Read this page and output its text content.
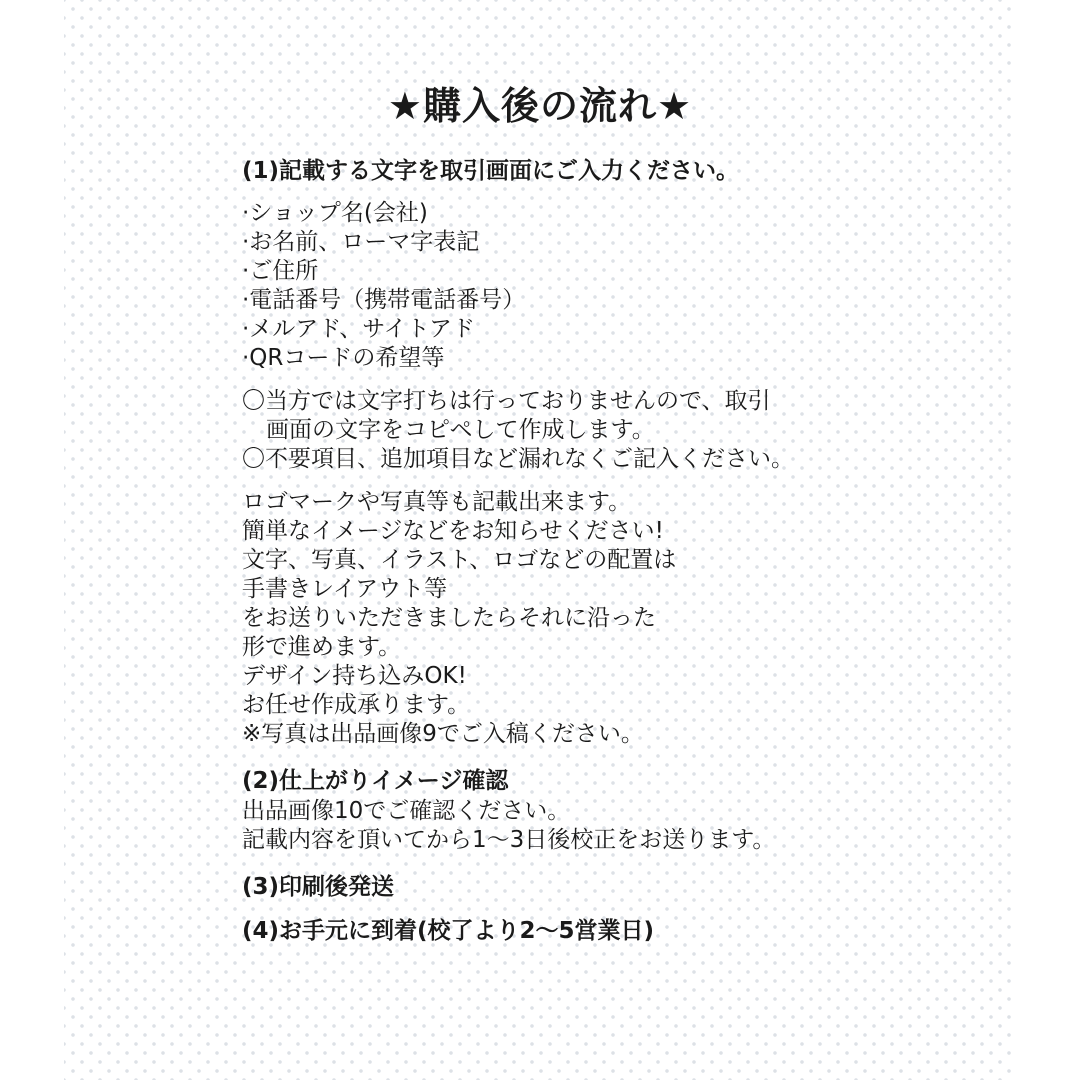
★購入後の流れ★
(1)記載する文字を取引画面にご入力ください。
·ショップ名(会社)
·お名前、ローマ字表記
·ご住所
·電話番号（携帯電話番号）
·メルアド、サイトアド
·QRコードの希望等
〇当方では文字打ちは行っておりませんので、取引
画面の文字をコピペして作成します。
〇不要項目、追加項目など漏れなくご記入ください。
ロゴマークや写真等も記載出来ます。
簡単なイメージなどをお知らせください!
文字、写真、イラスト、ロゴなどの配置は
手書きレイアウト等
をお送りいただきましたらそれに沿った
形で進めます。
デザイン持ち込みOK!
お任せ作成承ります。
※写真は出品画像9でご入稿ください。
(2)仕上がりイメージ確認
出品画像10でご確認ください。
記載内容を頂いてから1～3日後校正をお送ります。
(3)印刷後発送
(4)お手元に到着(校了より2～5営業日)
